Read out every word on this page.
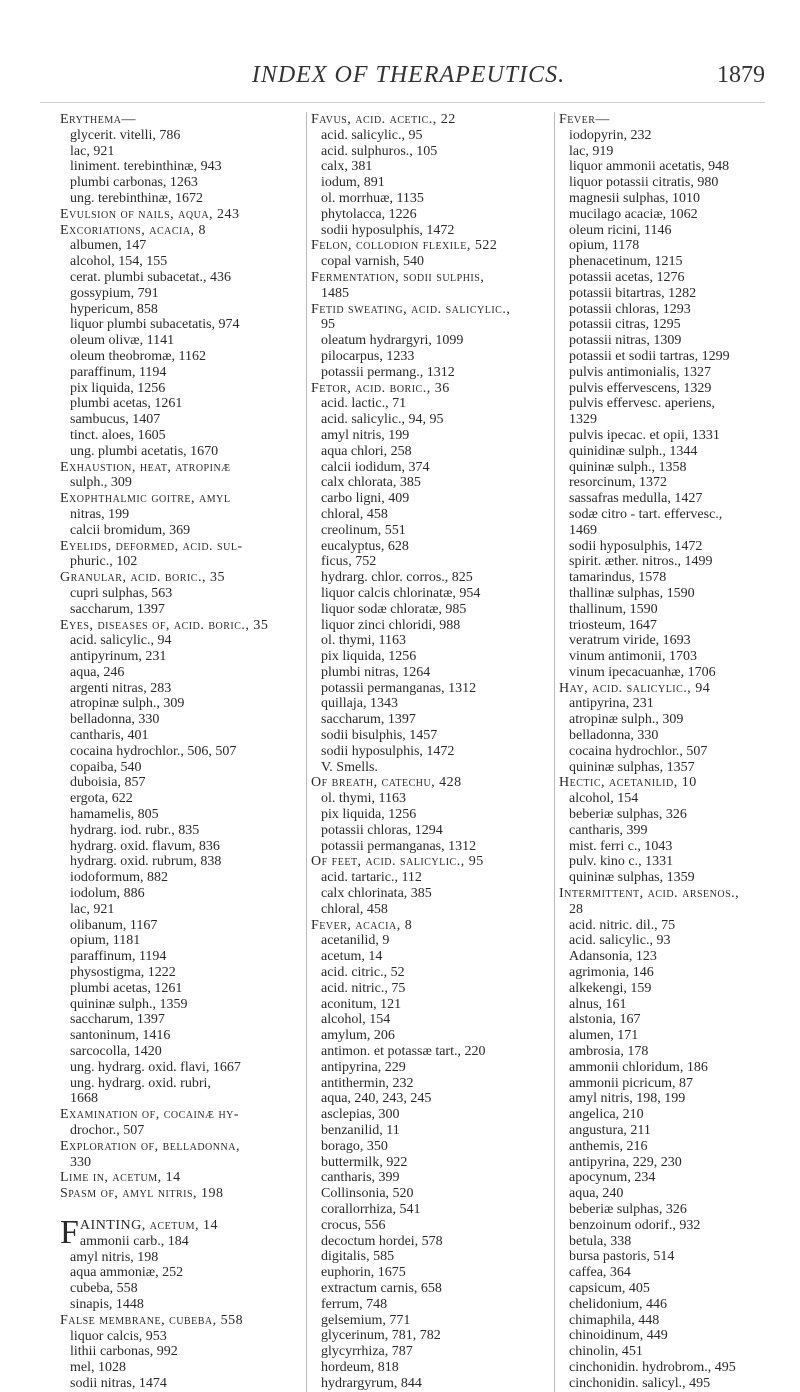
INDEX OF THERAPEUTICS.	1879
Erythema—
glycerit. vitelli, 786
lac, 921
liniment. terebinthinæ, 943
plumbi carbonas, 1263
ung. terebinthinæ, 1672
Evulsion of nails, aqua, 243
Excoriations, acacia, 8
albumen, 147
alcohol, 154, 155
cerat. plumbi subacetat., 436
gossypium, 791
hypericum, 858
liquor plumbi subacetatis, 974
oleum olivæ, 1141
oleum theobromæ, 1162
paraffinum, 1194
pix liquida, 1256
plumbi acetas, 1261
sambucus, 1407
tinct. aloes, 1605
ung. plumbi acetatis, 1670
Exhaustion, heat, atropinæ
sulph., 309
Exophthalmic goitre, amyl
nitras, 199
calcii bromidum, 369
Eyelids, deformed, acid. sul-
phuric., 102
Granular, acid. boric., 35
cupri sulphas, 563
saccharum, 1397
Eyes, diseases of, acid. boric., 35
acid. salicylic., 94
antipyrinum, 231
aqua, 246
argenti nitras, 283
atropinæ sulph., 309
belladonna, 330
cantharis, 401
cocaina hydrochlor., 506, 507
copaiba, 540
duboisia, 857
ergota, 622
hamamelis, 805
hydrarg. iod. rubr., 835
hydrarg. oxid. flavum, 836
hydrarg. oxid. rubrum, 838
iodoformum, 882
iodolum, 886
lac, 921
olibanum, 1167
opium, 1181
paraffinum, 1194
physostigma, 1222
plumbi acetas, 1261
quininæ sulph., 1359
saccharum, 1397
santoninum, 1416
sarcocolla, 1420
ung. hydrarg. oxid. flavi, 1667
ung. hydrarg. oxid. rubri,
1668
Examination of, cocainæ hy-
drochor., 507
Exploration of, belladonna,
330
Lime in, acetum, 14
Spasm of, amyl nitris, 198
FAINTING, acetum, 14
ammonii carb., 184
amyl nitris, 198
aqua ammoniæ, 252
cubeba, 558
sinapis, 1448
False membrane, cubeba, 558
liquor calcis, 953
lithii carbonas, 992
mel, 1028
sodii nitras, 1474
Favus, acid. acetic., 22
acid. salicylic., 95
acid. sulphuros., 105
calx, 381
iodum, 891
ol. morrhuæ, 1135
phytolacca, 1226
sodii hyposulphis, 1472
Felon, collodion flexile, 522
copal varnish, 540
Fermentation, sodii sulphis,
1485
Fetid sweating, acid. salicylic.,
95
oleatum hydrargyri, 1099
pilocarpus, 1233
potassii permang., 1312
Fetor, acid. boric., 36
acid. lactic., 71
acid. salicylic., 94, 95
amyl nitris, 199
aqua chlori, 258
calcii iodidum, 374
calx chlorata, 385
carbo ligni, 409
chloral, 458
creolinum, 551
eucalyptus, 628
ficus, 752
hydrarg. chlor. corros., 825
liquor calcis chlorinatæ, 954
liquor sodæ chloratæ, 985
liquor zinci chloridi, 988
ol. thymi, 1163
pix liquida, 1256
plumbi nitras, 1264
potassii permanganas, 1312
quillaja, 1343
saccharum, 1397
sodii bisulphis, 1457
sodii hyposulphis, 1472
V. Smells.
Of breath, catechu, 428
ol. thymi, 1163
pix liquida, 1256
potassii chloras, 1294
potassii permanganas, 1312
Of feet, acid. salicylic., 95
acid. tartaric., 112
calx chlorinata, 385
chloral, 458
Fever, acacia, 8
acetanilid, 9
acetum, 14
acid. citric., 52
acid. nitric., 75
aconitum, 121
alcohol, 154
amylum, 206
antimon. et potassæ tart., 220
antipyrina, 229
antithermin, 232
aqua, 240, 243, 245
asclepias, 300
benzanilid, 11
borago, 350
buttermilk, 922
cantharis, 399
Collinsonia, 520
corallorrhiza, 541
crocus, 556
decoctum hordei, 578
digitalis, 585
euphorin, 1675
extractum carnis, 658
ferrum, 748
gelsemium, 771
glycerinum, 781, 782
glycyrrhiza, 787
hordeum, 818
hydrargyrum, 844
Fever—
iodopyrin, 232
lac, 919
liquor ammonii acetatis, 948
liquor potassii citratis, 980
magnesii sulphas, 1010
mucilago acaciæ, 1062
oleum ricini, 1146
opium, 1178
phenacetinum, 1215
potassii acetas, 1276
potassii bitartras, 1282
potassii chloras, 1293
potassii citras, 1295
potassii nitras, 1309
potassii et sodii tartras, 1299
pulvis antimonialis, 1327
pulvis effervescens, 1329
pulvis effervesc. aperiens,
1329
pulvis ipecac. et opii, 1331
quinidinæ sulph., 1344
quininæ sulph., 1358
resorcinum, 1372
sassafras medulla, 1427
sodæ citro - tart. effervesc.,
1469
sodii hyposulphis, 1472
spirit. æther. nitros., 1499
tamarindus, 1578
thallinæ sulphas, 1590
thallinum, 1590
triosteum, 1647
veratrum viride, 1693
vinum antimonii, 1703
vinum ipecacuanhæ, 1706
Hay, acid. salicylic., 94
antipyrina, 231
atropinæ sulph., 309
belladonna, 330
cocaina hydrochlor., 507
quininæ sulphas, 1357
Hectic, acetanilid, 10
alcohol, 154
beberiæ sulphas, 326
cantharis, 399
mist. ferri c., 1043
pulv. kino c., 1331
quininæ sulphas, 1359
Intermittent, acid. arsenos.,
28
acid. nitric. dil., 75
acid. salicylic., 93
Adansonia, 123
agrimonia, 146
alkekengi, 159
alnus, 161
alstonia, 167
alumen, 171
ambrosia, 178
ammonii chloridum, 186
ammonii picricum, 87
amyl nitris, 198, 199
angelica, 210
angustura, 211
anthemis, 216
antipyrina, 229, 230
apocynum, 234
aqua, 240
beberiæ sulphas, 326
benzoinum odorif., 932
betula, 338
bursa pastoris, 514
caffea, 364
capsicum, 405
chelidonium, 446
chimaphila, 448
chinoidinum, 449
chinolin, 451
cinchonidin. hydrobrom., 495
cinchonidin. salicyl., 495
